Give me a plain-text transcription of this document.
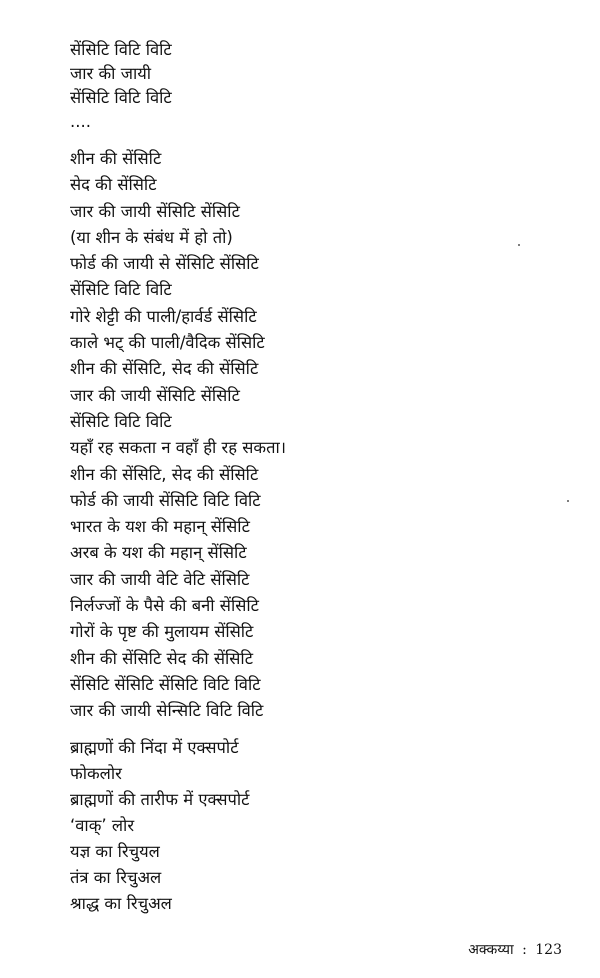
सेंसिटि विटि विटि
जार की जायी
सेंसिटि विटि विटि
....
शीन की सेंसिटि
सेद की सेंसिटि
जार की जायी सेंसिटि सेंसिटि
(या शीन के संबंध में हो तो)
फोर्ड की जायी से सेंसिटि सेंसिटि
सेंसिटि विटि विटि
गोरे शेट्टी की पाली/हार्वर्ड सेंसिटि
काले भट् की पाली/वैदिक सेंसिटि
शीन की सेंसिटि, सेद की सेंसिटि
जार की जायी सेंसिटि सेंसिटि
सेंसिटि विटि विटि
यहाँ रह सकता न वहाँ ही रह सकता।
शीन की सेंसिटि, सेद की सेंसिटि
फोर्ड की जायी सेंसिटि विटि विटि
भारत के यश की महान् सेंसिटि
अरब के यश की महान् सेंसिटि
जार की जायी वेटि वेटि सेंसिटि
निर्लज्जों के पैसे की बनी सेंसिटि
गोरों के पृष्ट की मुलायम सेंसिटि
शीन की सेंसिटि सेद की सेंसिटि
सेंसिटि सेंसिटि सेंसिटि विटि विटि
जार की जायी सेन्सिटि विटि विटि
ब्राह्मणों की निंदा में एक्सपोर्ट
फोकलोर
ब्राह्मणों की तारीफ में एक्सपोर्ट
‘वाक्’ लोर
यज्ञ का रिचुयल
तंत्र का रिचुअल
श्राद्ध का रिचुअल
अक्कय्या : 123
